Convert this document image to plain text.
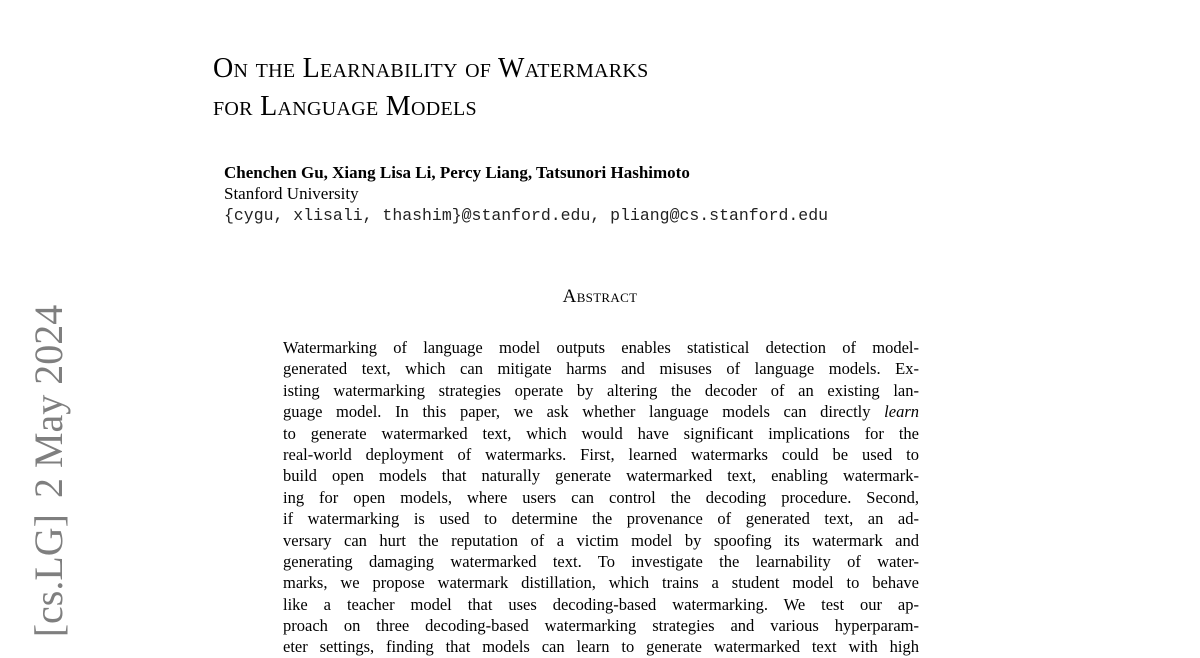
On the Learnability of Watermarks
for Language Models
Chenchen Gu, Xiang Lisa Li, Percy Liang, Tatsunori Hashimoto
Stanford University
{cygu, xlisali, thashim}@stanford.edu, pliang@cs.stanford.edu
Abstract
Watermarking of language model outputs enables statistical detection of model-
generated text, which can mitigate harms and misuses of language models. Ex-
isting watermarking strategies operate by altering the decoder of an existing lan-
guage model. In this paper, we ask whether language models can directly learn
to generate watermarked text, which would have significant implications for the
real-world deployment of watermarks. First, learned watermarks could be used to
build open models that naturally generate watermarked text, enabling watermark-
ing for open models, where users can control the decoding procedure. Second,
if watermarking is used to determine the provenance of generated text, an ad-
versary can hurt the reputation of a victim model by spoofing its watermark and
generating damaging watermarked text. To investigate the learnability of water-
marks, we propose watermark distillation, which trains a student model to behave
like a teacher model that uses decoding-based watermarking. We test our ap-
proach on three decoding-based watermarking strategies and various hyperparam-
eter settings, finding that models can learn to generate watermarked text with high
[cs.LG]2 May 2024
